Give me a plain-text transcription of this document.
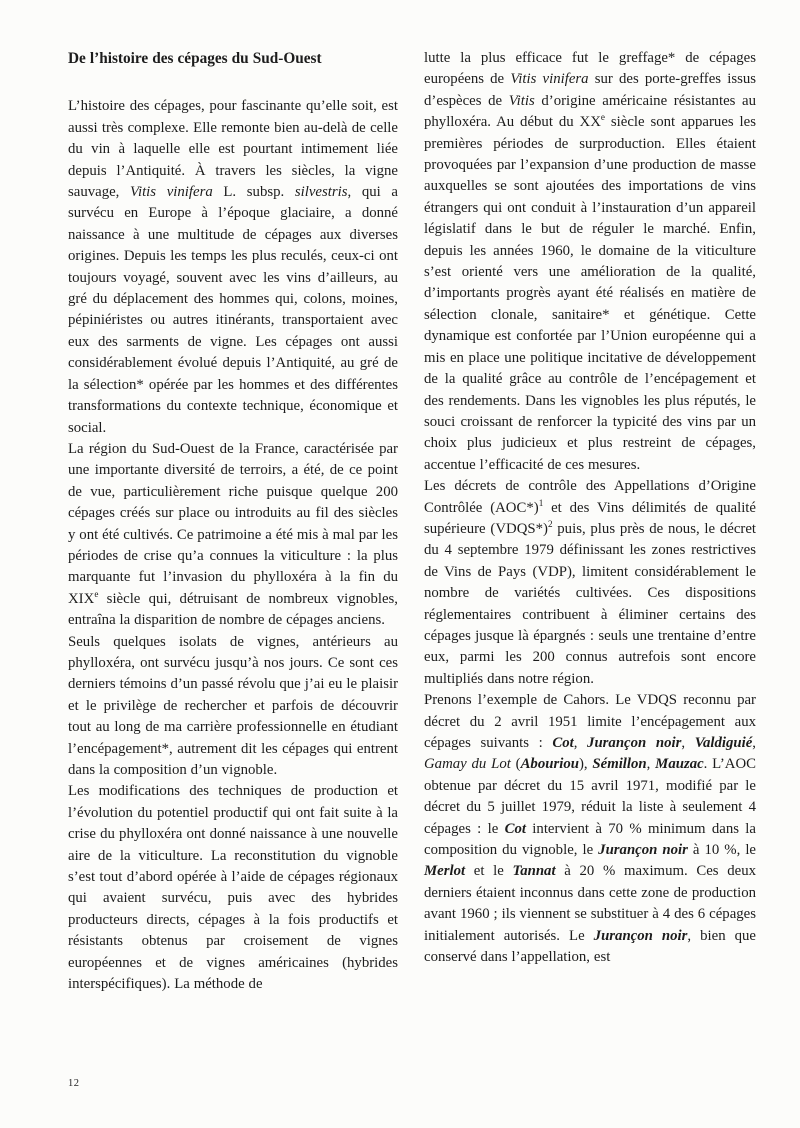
De l’histoire des cépages du Sud-Ouest

L’histoire des cépages, pour fascinante qu’elle soit, est aussi très complexe. Elle remonte bien au-delà de celle du vin à laquelle elle est pourtant intimement liée depuis l’Antiquité. À travers les siècles, la vigne sauvage, Vitis vinifera L. subsp. silvestris, qui a survécu en Europe à l’époque glaciaire, a donné naissance à une multitude de cépages aux diverses origines. Depuis les temps les plus reculés, ceux-ci ont toujours voyagé, souvent avec les vins d’ailleurs, au gré du déplacement des hommes qui, colons, moines, pépiniéristes ou autres itinérants, transportaient avec eux des sarments de vigne. Les cépages ont aussi considérablement évolué depuis l’Antiquité, au gré de la sélection* opérée par les hommes et des différentes transformations du contexte technique, économique et social.

La région du Sud-Ouest de la France, caractérisée par une importante diversité de terroirs, a été, de ce point de vue, particulièrement riche puisque quelque 200 cépages créés sur place ou introduits au fil des siècles y ont été cultivés. Ce patrimoine a été mis à mal par les périodes de crise qu’a connues la viticulture : la plus marquante fut l’invasion du phylloxéra à la fin du XIXe siècle qui, détruisant de nombreux vignobles, entraîna la disparition de nombre de cépages anciens.

Seuls quelques isolats de vignes, antérieurs au phylloxéra, ont survécu jusqu’à nos jours. Ce sont ces derniers témoins d’un passé révolu que j’ai eu le plaisir et le privilège de rechercher et parfois de découvrir tout au long de ma carrière professionnelle en étudiant l’encépagement*, autrement dit les cépages qui entrent dans la composition d’un vignoble.

Les modifications des techniques de production et l’évolution du potentiel productif qui ont fait suite à la crise du phylloxéra ont donné naissance à une nouvelle aire de la viticulture. La reconstitution du vignoble s’est tout d’abord opérée à l’aide de cépages régionaux qui avaient survécu, puis avec des hybrides producteurs directs, cépages à la fois productifs et résistants obtenus par croisement de vignes européennes et de vignes américaines (hybrides interspécifiques). La méthode de

lutte la plus efficace fut le greffage* de cépages européens de Vitis vinifera sur des porte-greffes issus d’espèces de Vitis d’origine américaine résistantes au phylloxéra. Au début du XXe siècle sont apparues les premières périodes de surproduction. Elles étaient provoquées par l’expansion d’une production de masse auxquelles se sont ajoutées des importations de vins étrangers qui ont conduit à l’instauration d’un appareil législatif dans le but de réguler le marché. Enfin, depuis les années 1960, le domaine de la viticulture s’est orienté vers une amélioration de la qualité, d’importants progrès ayant été réalisés en matière de sélection clonale, sanitaire* et génétique. Cette dynamique est confortée par l’Union européenne qui a mis en place une politique incitative de développement de la qualité grâce au contrôle de l’encépagement et des rendements. Dans les vignobles les plus réputés, le souci croissant de renforcer la typicité des vins par un choix plus judicieux et plus restreint de cépages, accentue l’efficacité de ces mesures.

Les décrets de contrôle des Appellations d’Origine Contrôlée $(AOC*)^1$ et des Vins délimités de qualité supérieure (VDQS*)$^2$ puis, plus près de nous, le décret du 4 septembre 1979 définissant les zones restrictives de Vins de Pays (VDP), limitent considérablement le nombre de variétés cultivées. Ces dispositions réglementaires contribuent à éliminer certains des cépages jusque là épargnés : seuls une trentaine d’entre eux, parmi les 200 connus autrefois sont encore multipliés dans notre région.

Prenons l’exemple de Cahors. Le VDQS reconnu par décret du 2 avril 1951 limite l’encépagement aux cépages suivants : Cot, Jurançon noir, Valdiguié, Gamay du Lot (Abouriou), Sémillon, Mauzac. L’AOC obtenue par décret du 15 avril 1971, modifié par le décret du 5 juillet 1979, réduit la liste à seulement 4 cépages : le Cot intervient à 70 % minimum dans la composition du vignoble, le Jurançon noir à 10 %, le Merlot et le Tannat à 20 % maximum. Ces deux derniers étaient inconnus dans cette zone de production avant 1960 ; ils viennent se substituer à 4 des 6 cépages initialement autorisés. Le Jurançon noir, bien que conservé dans l’appellation, est

12
